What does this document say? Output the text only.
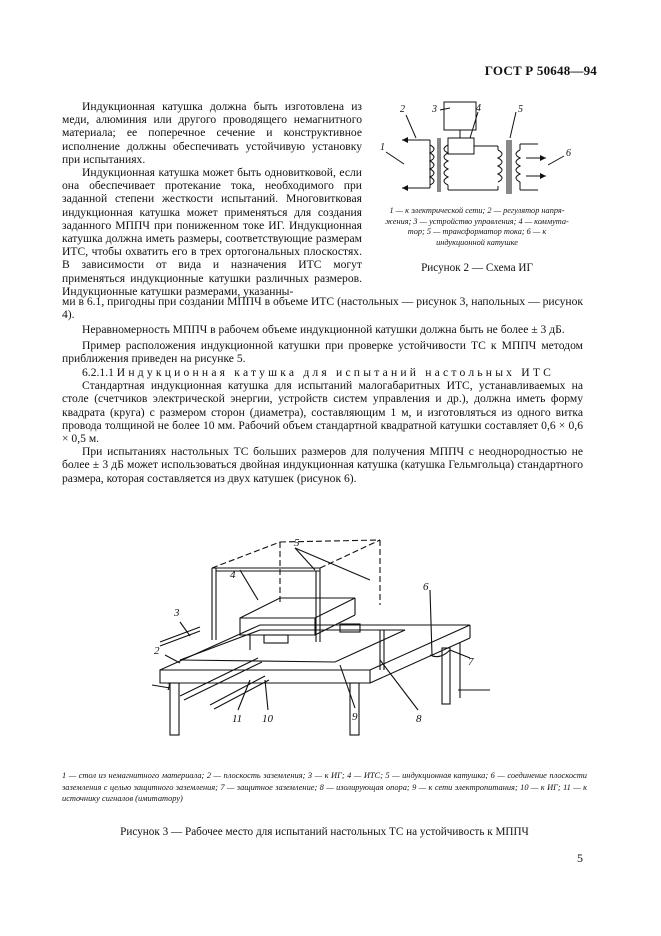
ГОСТ Р 50648—94

Индукционная катушка должна быть изготовлена из меди, алюминия или другого проводящего немагнитного материала; ее поперечное сечение и конструктивное исполнение должны обеспечивать устойчивую установку при испытаниях.

Индукционная катушка может быть одновитковой, если она обеспечивает протекание тока, необходимого при заданной степени жесткости испытаний. Многовитковая индукционная катушка может применяться для создания заданного МППЧ при пониженном токе ИГ. Индукционная катушка должна иметь размеры, соответствующие размерам ИТС, чтобы охватить его в трех ортогональных плоскостях. В зависимости от вида и назначения ИТС могут применяться индукционные катушки различных размеров. Индукционные катушки размерами, указанны-

1
2	3	4	5
6
1 — к электрической сети; 2 — регулятор напря-
жения; 3 — устройство управления; 4 — коммута-
тор; 5 — трансформатор тока; 6 — к
индукционной катушке
Рисунок 2 — Схема ИГ
ми в 6.1, пригодны при создании МППЧ в объеме ИТС (настольных — рисунок 3, напольных — рисунок 4).

Неравномерность МППЧ в рабочем объеме индукционной катушки должна быть не более ± 3 дБ.

Пример расположения индукционной катушки при проверке устойчивости ТС к МППЧ методом приближения приведен на рисунке 5.

6.2.1.1 Индукционная катушка для испытаний настольных ИТС

Стандартная индукционная катушка для испытаний малогабаритных ИТС, устанавливаемых на столе (счетчиков электрической энергии, устройств систем управления и др.), должна иметь форму квадрата (круга) с размером сторон (диаметра), составляющим 1 м, и изготовляться из одного витка провода толщиной не более 10 мм. Рабочий объем стандартной квадратной катушки составляет 0,6 × 0,6 × 0,5 м.

При испытаниях настольных ТС больших размеров для получения МППЧ с неоднородностью не более ± 3 дБ может использоваться двойная индукционная катушка (катушка Гельмгольца) стандартного размера, которая составляется из двух катушек (рисунок 6).

1
2
3
4
5
6
7
8
9
10
11
1 — стол из немагнитного материала; 2 — плоскость заземления; 3 — к ИГ; 4 — ИТС; 5 — индукционная катушка; 6 — соединение плоскости заземления с целью защитного заземления; 7 — защитное заземление; 8 — изолирующая опора; 9 — к сети электропитания; 10 — к ИГ; 11 — к источнику сигналов (имитатору)
Рисунок 3 — Рабочее место для испытаний настольных ТС на устойчивость к МППЧ
5
